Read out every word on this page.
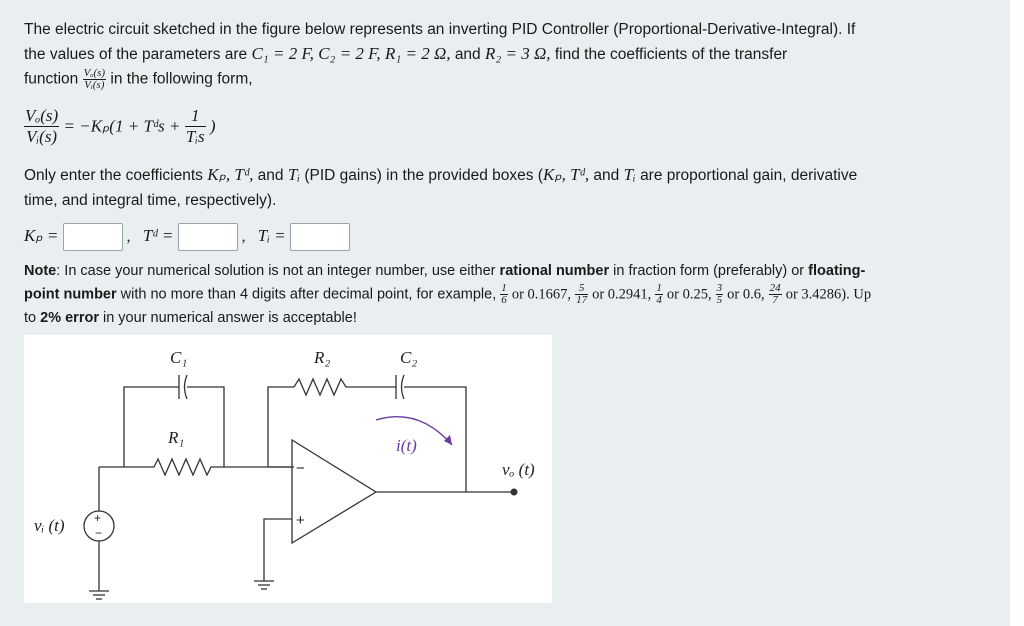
The electric circuit sketched in the figure below represents an inverting PID Controller (Proportional-Derivative-Integral). If
the values of the parameters are C₁ = 2 F, C₂ = 2 F, R₁ = 2 Ω, and R₂ = 3 Ω, find the coefficients of the transfer
function $\frac{\text{Vₒ(s)}}{\text{Vᵢ(s)}}$ in the following form,
$\frac{\text{Vₒ(s)}}{\text{Vᵢ(s)}} = -K_p(1$ + Tᵈs + $\frac{1}{\text{Tᵢs}}$ )
Only enter the coefficients Kₚ, Tᵈ, and Tᵢ (PID gains) in the provided boxes (Kₚ, Tᵈ, and Tᵢ are proportional gain, derivative
time, and integral time, respectively).
Kₚ =	, Tᵈ =	, Tᵢ =
Note: In case your numerical solution is not an integer number, use either rational number in fraction form (preferably) or floating-
point number with no more than 4 digits after decimal point, for example, $\frac{1}{6}$ or 0.1667, $\frac{5}{17}$ or 0.2941, $\frac{1}{4}$ or 0.25, $\frac{3}{5}$ or 0.6, $\frac{24}{7}$ or 3.4286). Up
to 2% error in your numerical answer is acceptable!
C₁	R₂	C₂
R₁	i(t)
vₒ (t)
vᵢ (t)
−
+
+
−
